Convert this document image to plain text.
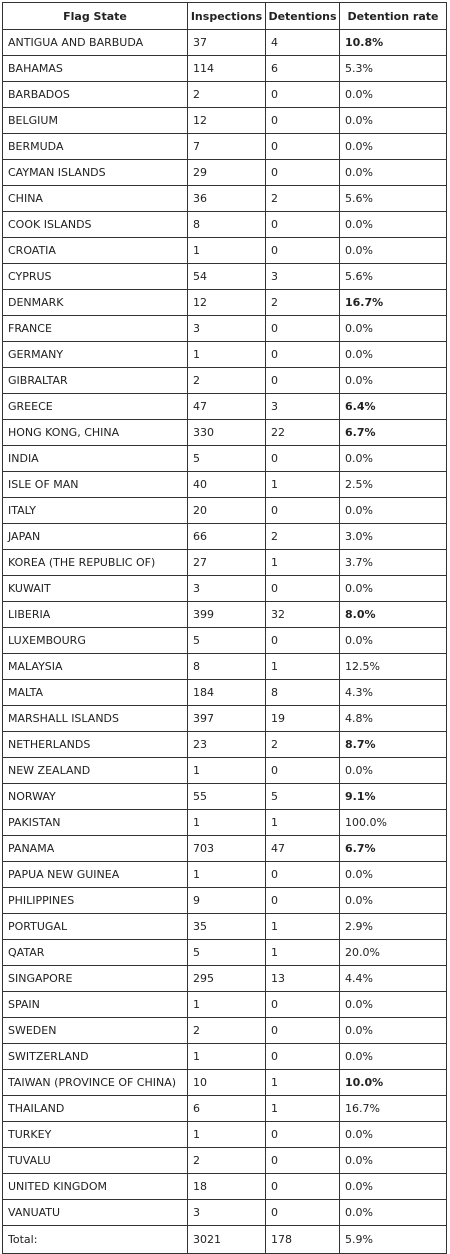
Flag State	Inspections	Detentions	Detention rate
ANTIGUA AND BARBUDA	37	4	10.8%
BAHAMAS	114	6	5.3%
BARBADOS	2	0	0.0%
BELGIUM	12	0	0.0%
BERMUDA	7	0	0.0%
CAYMAN ISLANDS	29	0	0.0%
CHINA	36	2	5.6%
COOK ISLANDS	8	0	0.0%
CROATIA	1	0	0.0%
CYPRUS	54	3	5.6%
DENMARK	12	2	16.7%
FRANCE	3	0	0.0%
GERMANY	1	0	0.0%
GIBRALTAR	2	0	0.0%
GREECE	47	3	6.4%
HONG KONG, CHINA	330	22	6.7%
INDIA	5	0	0.0%
ISLE OF MAN	40	1	2.5%
ITALY	20	0	0.0%
JAPAN	66	2	3.0%
KOREA (THE REPUBLIC OF)	27	1	3.7%
KUWAIT	3	0	0.0%
LIBERIA	399	32	8.0%
LUXEMBOURG	5	0	0.0%
MALAYSIA	8	1	12.5%
MALTA	184	8	4.3%
MARSHALL ISLANDS	397	19	4.8%
NETHERLANDS	23	2	8.7%
NEW ZEALAND	1	0	0.0%
NORWAY	55	5	9.1%
PAKISTAN	1	1	100.0%
PANAMA	703	47	6.7%
PAPUA NEW GUINEA	1	0	0.0%
PHILIPPINES	9	0	0.0%
PORTUGAL	35	1	2.9%
QATAR	5	1	20.0%
SINGAPORE	295	13	4.4%
SPAIN	1	0	0.0%
SWEDEN	2	0	0.0%
SWITZERLAND	1	0	0.0%
TAIWAN (PROVINCE OF CHINA)	10	1	10.0%
THAILAND	6	1	16.7%
TURKEY	1	0	0.0%
TUVALU	2	0	0.0%
UNITED KINGDOM	18	0	0.0%
VANUATU	3	0	0.0%
Total:	3021	178	5.9%
